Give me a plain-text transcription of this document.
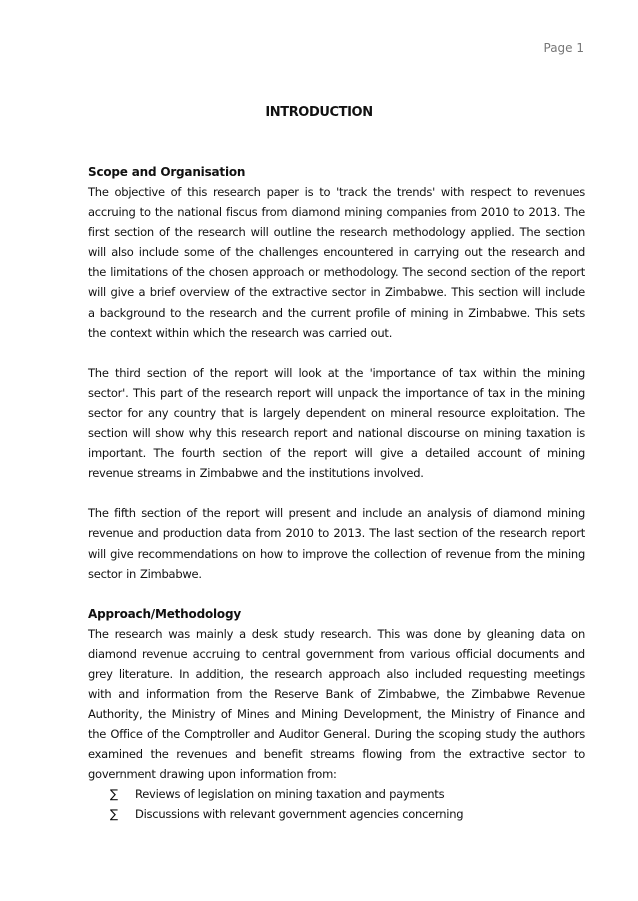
Page 1
INTRODUCTION
Scope and Organisation

The objective of this research paper is to 'track the trends' with respect to revenues accruing to the national fiscus from diamond mining companies from 2010 to 2013. The first section of the research will outline the research methodology applied. The section will also include some of the challenges encountered in carrying out the research and the limitations of the chosen approach or methodology. The second section of the report will give a brief overview of the extractive sector in Zimbabwe. This section will include a background to the research and the current profile of mining in Zimbabwe. This sets the context within which the research was carried out.

The third section of the report will look at the 'importance of tax within the mining sector'. This part of the research report will unpack the importance of tax in the mining sector for any country that is largely dependent on mineral resource exploitation. The section will show why this research report and national discourse on mining taxation is important. The fourth section of the report will give a detailed account of mining revenue streams in Zimbabwe and the institutions involved.

The fifth section of the report will present and include an analysis of diamond mining revenue and production data from 2010 to 2013. The last section of the research report will give recommendations on how to improve the collection of revenue from the mining sector in Zimbabwe.

Approach/Methodology

The research was mainly a desk study research. This was done by gleaning data on diamond revenue accruing to central government from various official documents and grey literature. In addition, the research approach also included requesting meetings with and information from the Reserve Bank of Zimbabwe, the Zimbabwe Revenue Authority, the Ministry of Mines and Mining Development, the Ministry of Finance and the Office of the Comptroller and Auditor General. During the scoping study the authors examined the revenues and benefit streams flowing from the extractive sector to government drawing upon information from:

∑	Reviews of legislation on mining taxation and payments
∑	Discussions with relevant government agencies concerning
